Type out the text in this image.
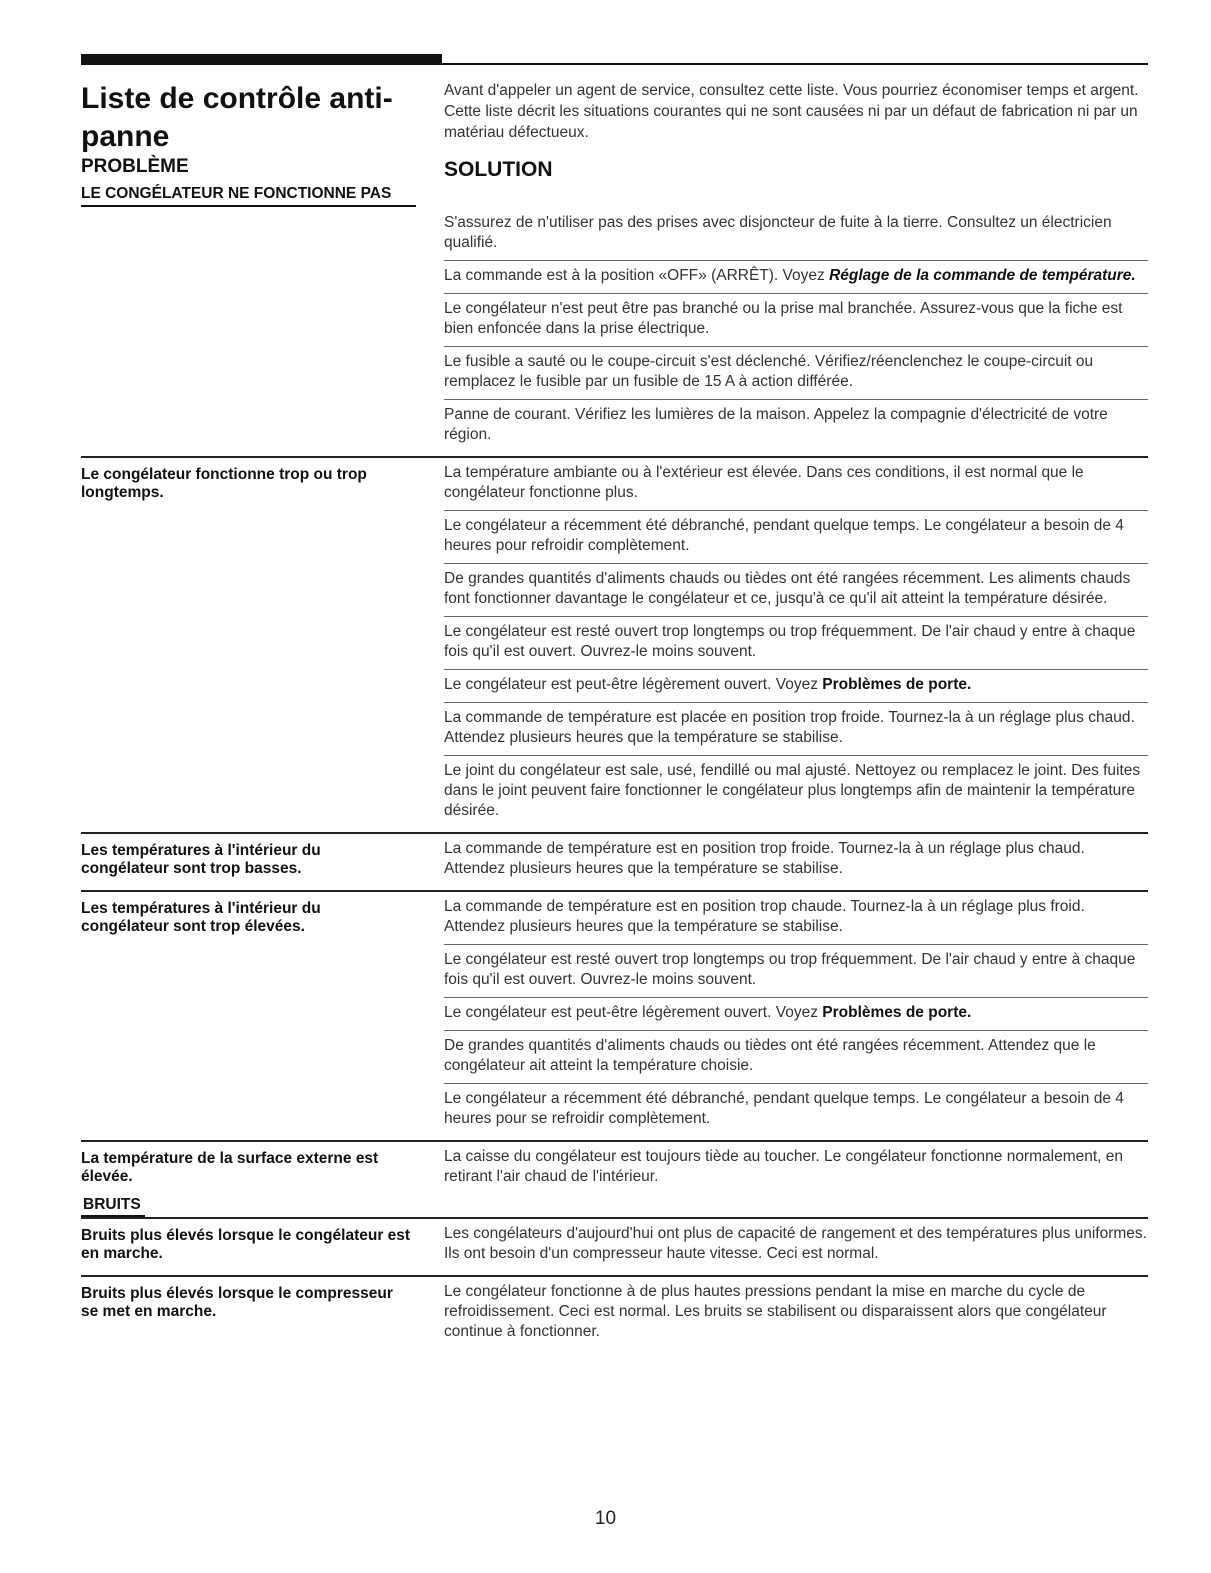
Liste de contrôle anti-panne

Avant d'appeler un agent de service, consultez cette liste. Vous pourriez économiser temps et argent. Cette liste décrit les situations courantes qui ne sont causées ni par un défaut de fabrication ni par un matériau défectueux.

PROBLÈME	SOLUTION
LE CONGÉLATEUR NE FONCTIONNE PAS
S'assurez de n'utiliser pas des prises avec disjoncteur de fuite à la tierre. Consultez un électricien qualifié.
La commande est à la position «OFF» (ARRÊT). Voyez Réglage de la commande de température.
Le congélateur n'est peut être pas branché ou la prise mal branchée. Assurez-vous que la fiche est bien enfoncée dans la prise électrique.
Le fusible a sauté ou le coupe-circuit s'est déclenché. Vérifiez/réenclenchez le coupe-circuit ou remplacez le fusible par un fusible de 15 A à action différée.
Panne de courant. Vérifiez les lumières de la maison. Appelez la compagnie d'électricité de votre région.
Le congélateur fonctionne trop ou trop longtemps.
La température ambiante ou à l'extérieur est élevée. Dans ces conditions, il est normal que le congélateur fonctionne plus.
Le congélateur a récemment été débranché, pendant quelque temps. Le congélateur a besoin de 4 heures pour refroidir complètement.
De grandes quantités d'aliments chauds ou tièdes ont été rangées récemment. Les aliments chauds font fonctionner davantage le congélateur et ce, jusqu'à ce qu'il ait atteint la température désirée.
Le congélateur est resté ouvert trop longtemps ou trop fréquemment. De l'air chaud y entre à chaque fois qu'il est ouvert. Ouvrez-le moins souvent.
Le congélateur est peut-être légèrement ouvert. Voyez Problèmes de porte.
La commande de température est placée en position trop froide. Tournez-la à un réglage plus chaud. Attendez plusieurs heures que la température se stabilise.
Le joint du congélateur est sale, usé, fendillé ou mal ajusté. Nettoyez ou remplacez le joint. Des fuites dans le joint peuvent faire fonctionner le congélateur plus longtemps afin de maintenir la température désirée.
Les températures à l'intérieur du congélateur sont trop basses.
La commande de température est en position trop froide. Tournez-la à un réglage plus chaud. Attendez plusieurs heures que la température se stabilise.
Les températures à l'intérieur du congélateur sont trop élevées.
La commande de température est en position trop chaude. Tournez-la à un réglage plus froid. Attendez plusieurs heures que la température se stabilise.
Le congélateur est resté ouvert trop longtemps ou trop fréquemment. De l'air chaud y entre à chaque fois qu'il est ouvert. Ouvrez-le moins souvent.
Le congélateur est peut-être légèrement ouvert. Voyez Problèmes de porte.
De grandes quantités d'aliments chauds ou tièdes ont été rangées récemment. Attendez que le congélateur ait atteint la température choisie.
Le congélateur a récemment été débranché, pendant quelque temps. Le congélateur a besoin de 4 heures pour se refroidir complètement.
La température de la surface externe est élevée.
La caisse du congélateur est toujours tiède au toucher. Le congélateur fonctionne normalement, en retirant l'air chaud de l'intérieur.
BRUITS
Bruits plus élevés lorsque le congélateur est en marche.
Les congélateurs d'aujourd'hui ont plus de capacité de rangement et des températures plus uniformes. Ils ont besoin d'un compresseur haute vitesse. Ceci est normal.
Bruits plus élevés lorsque le compresseur se met en marche.
Le congélateur fonctionne à de plus hautes pressions pendant la mise en marche du cycle de refroidissement. Ceci est normal. Les bruits se stabilisent ou disparaissent alors que congélateur continue à fonctionner.
10
